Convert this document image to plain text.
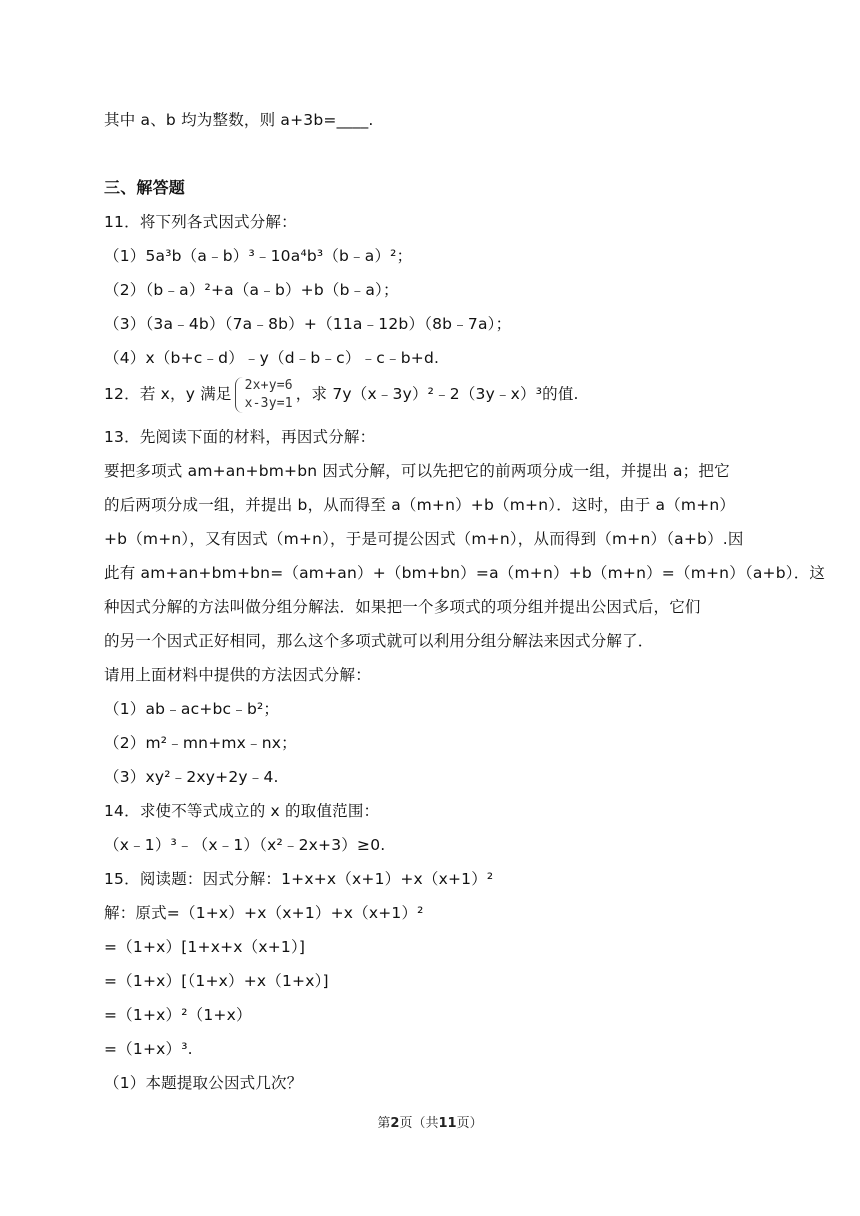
其中 a、b 均为整数，则 a+3b=____.
三、解答题
11．将下列各式因式分解：
（1）5a³b（a﹣b）³﹣10a⁴b³（b﹣a）²；
（2）（b﹣a）²+a（a﹣b）+b（b﹣a）；
（3）（3a﹣4b）（7a﹣8b）+（11a﹣12b）（8b﹣7a）；
（4）x（b+c﹣d）﹣y（d﹣b﹣c）﹣c﹣b+d.
12．若 x，y 满足 2x+y=6
x-3y=1 ，求 7y（x﹣3y）²﹣2（3y﹣x）³的值.
13．先阅读下面的材料，再因式分解：
要把多项式 am+an+bm+bn 因式分解，可以先把它的前两项分成一组，并提出 a；把它
的后两项分成一组，并提出 b，从而得至 a（m+n）+b（m+n）．这时，由于 a（m+n）
+b（m+n），又有因式（m+n），于是可提公因式（m+n），从而得到（m+n）（a+b）.因
此有 am+an+bm+bn=（am+an）+（bm+bn）=a（m+n）+b（m+n）=（m+n）（a+b）．这
种因式分解的方法叫做分组分解法．如果把一个多项式的项分组并提出公因式后，它们
的另一个因式正好相同，那么这个多项式就可以利用分组分解法来因式分解了．
请用上面材料中提供的方法因式分解：
（1）ab﹣ac+bc﹣b²；
（2）m²﹣mn+mx﹣nx；
（3）xy²﹣2xy+2y﹣4.
14．求使不等式成立的 x 的取值范围：
（x﹣1）³﹣（x﹣1）（x²﹣2x+3）≥0.
15．阅读题：因式分解：1+x+x（x+1）+x（x+1）²
解：原式=（1+x）+x（x+1）+x（x+1）²
=（1+x）[1+x+x（x+1）]
=（1+x）[（1+x）+x（1+x）]
=（1+x）²（1+x）
=（1+x）³.
（1）本题提取公因式几次？
第2页（共11页）
